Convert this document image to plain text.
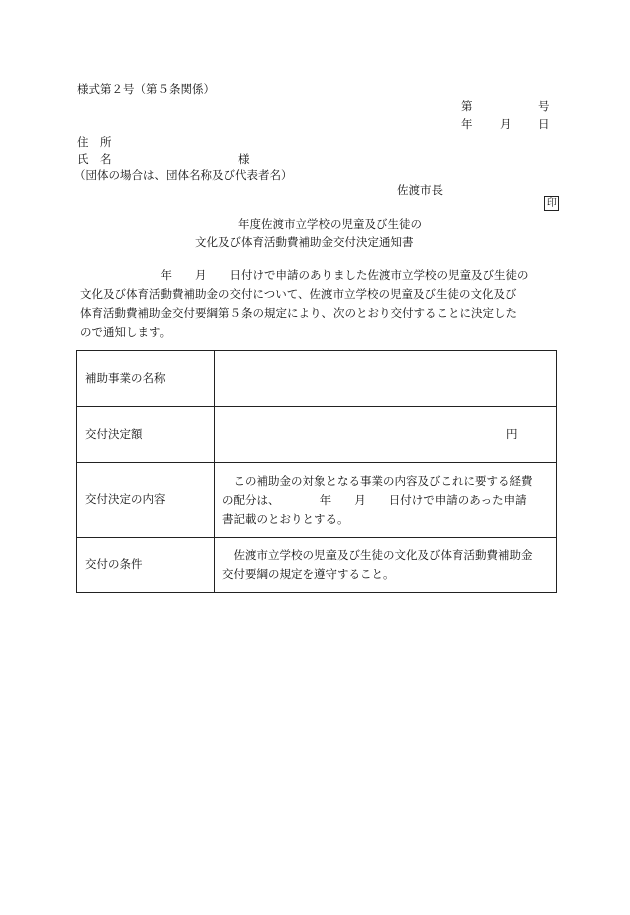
様式第２号（第５条関係）
第	号
年 月 日
住　所
氏　名	様
（団体の場合は、団体名称及び代表者名）
佐渡市長

印

年度佐渡市立学校の児童及び生徒の
文化及び体育活動費補助金交付決定通知書
　　　　　　　年　　月　　日付けで申請のありました佐渡市立学校の児童及び生徒の
文化及び体育活動費補助金の交付について、佐渡市立学校の児童及び生徒の文化及び
体育活動費補助金交付要綱第５条の規定により、次のとおり交付することに決定した
ので通知します。
補助事業の名称	
交付決定額	円

交付決定の内容	　この補助金の対象となる事業の内容及びこれに要する経費
の配分は、　　　　年　　月　　日付けで申請のあった申請
書記載のとおりとする。

交付の条件	　佐渡市立学校の児童及び生徒の文化及び体育活動費補助金
交付要綱の規定を遵守すること。
